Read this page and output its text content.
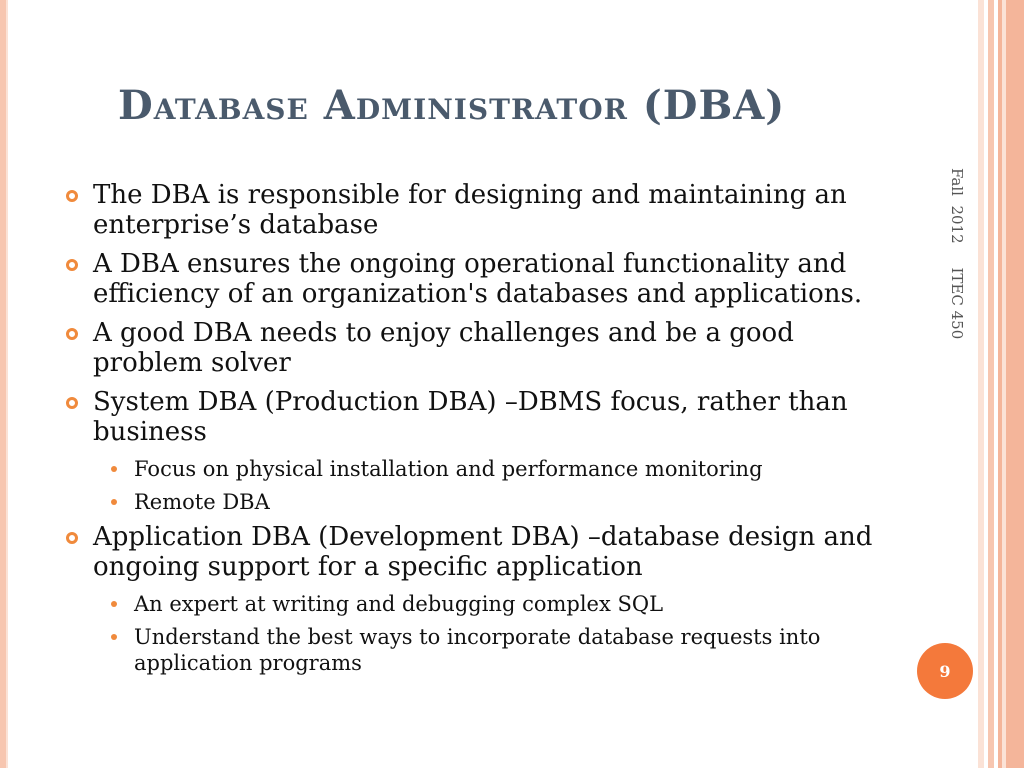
Database Administrator (DBA)
The DBA is responsible for designing and maintaining an enterprise’s database
A DBA ensures the ongoing operational functionality and efficiency of an organization's databases and applications.
A good DBA needs to enjoy challenges and be a good problem solver
System DBA (Production DBA) –DBMS focus, rather than business
Focus on physical installation and performance monitoring
Remote DBA
Application DBA (Development DBA) –database design and ongoing support for a specific application
An expert at writing and debugging complex SQL
Understand the best ways to incorporate database requests into application programs
Fall  2012     ITEC 450
9
